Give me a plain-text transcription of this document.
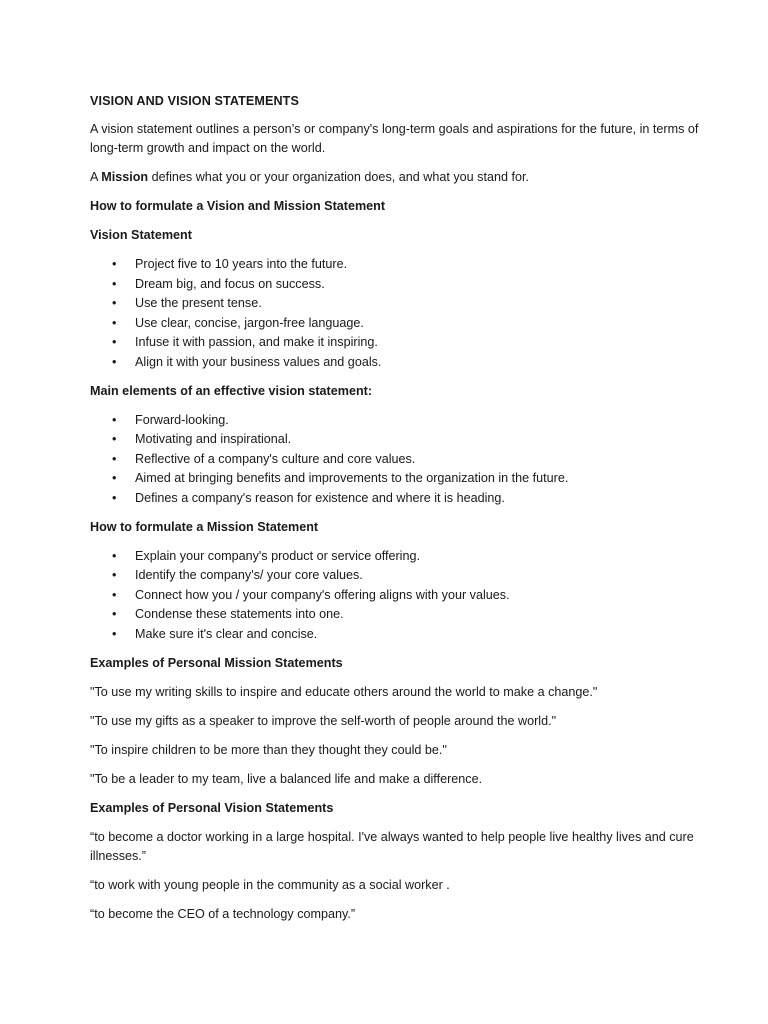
VISION AND VISION STATEMENTS

A vision statement outlines a person’s or company's long-term goals and aspirations for the future, in terms of long-term growth and impact on the world.

A Mission defines what you or your organization does, and what you stand for.

How to formulate a Vision and Mission Statement
Vision Statement
• Project five to 10 years into the future.
• Dream big, and focus on success.
• Use the present tense.
• Use clear, concise, jargon-free language.
• Infuse it with passion, and make it inspiring.
• Align it with your business values and goals.
Main elements of an effective vision statement:
• Forward-looking.
• Motivating and inspirational.
• Reflective of a company's culture and core values.
• Aimed at bringing benefits and improvements to the organization in the future.
• Defines a company's reason for existence and where it is heading.
How to formulate a Mission Statement
• Explain your company's product or service offering.
• Identify the company's/ your core values.
• Connect how you / your company's offering aligns with your values.
• Condense these statements into one.
• Make sure it's clear and concise.
Examples of Personal Mission Statements

"To use my writing skills to inspire and educate others around the world to make a change."

"To use my gifts as a speaker to improve the self-worth of people around the world."

"To inspire children to be more than they thought they could be."

"To be a leader to my team, live a balanced life and make a difference.

Examples of Personal Vision Statements

“to become a doctor working in a large hospital. I've always wanted to help people live healthy lives and cure illnesses.”

“to work with young people in the community as a social worker .

“to become the CEO of a technology company.”
